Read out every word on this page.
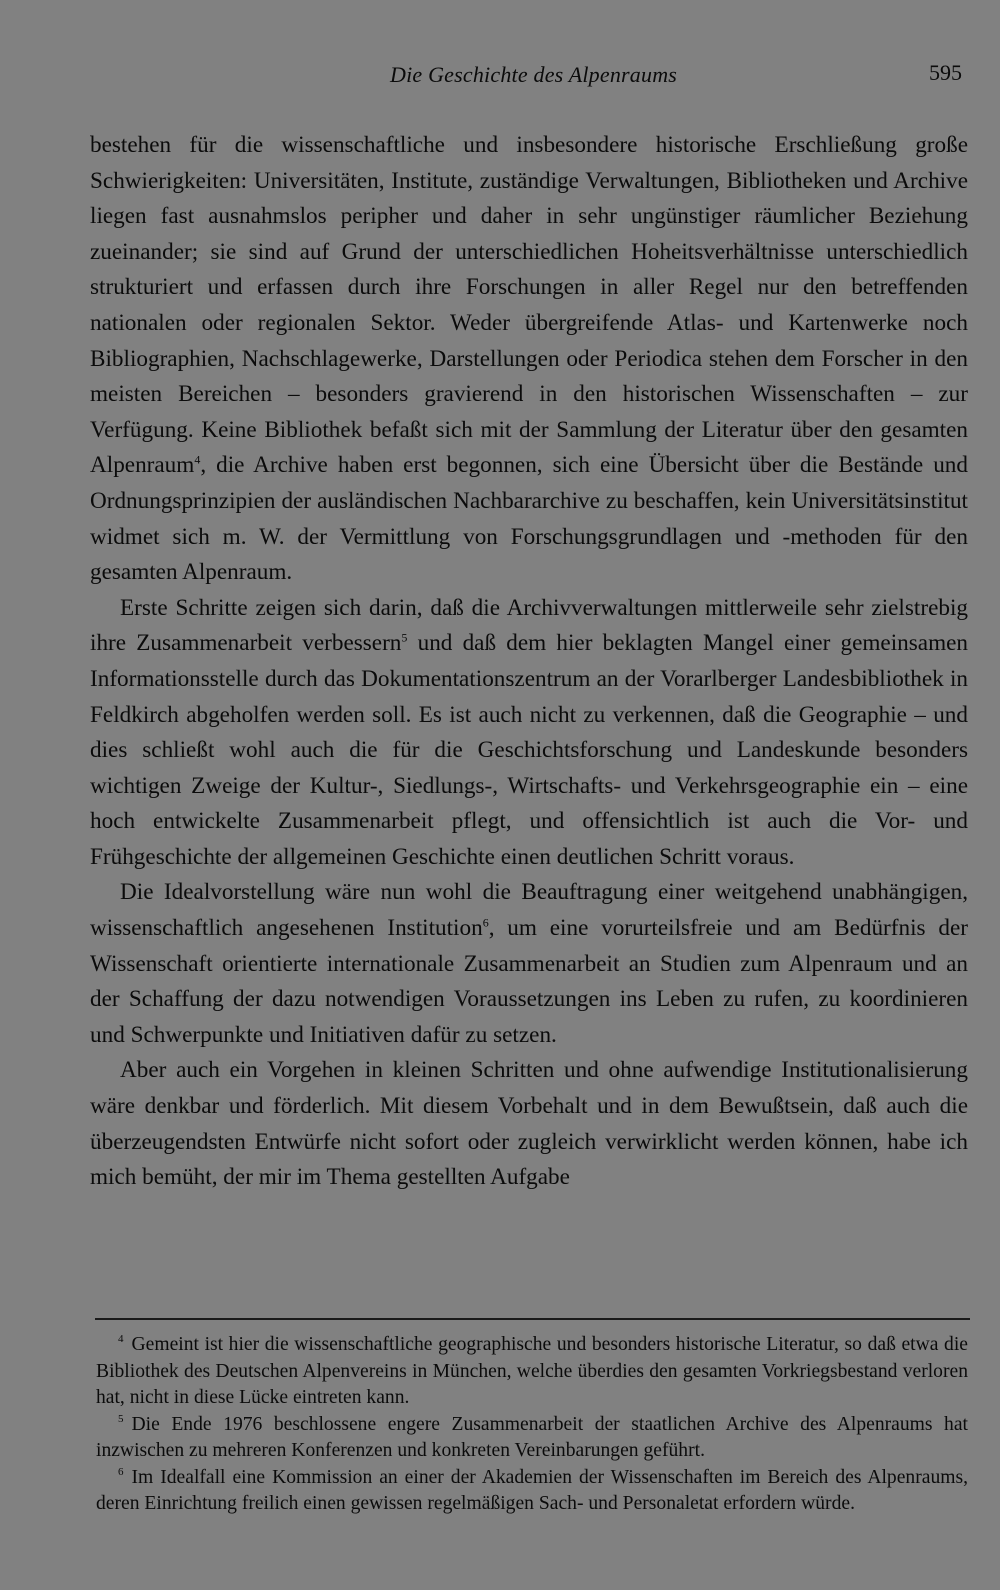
Die Geschichte des Alpenraums	595

bestehen für die wissenschaftliche und insbesondere historische Erschließung große Schwierigkeiten: Universitäten, Institute, zuständige Verwaltungen, Bibliotheken und Archive liegen fast ausnahmslos peripher und daher in sehr ungünstiger räumlicher Beziehung zueinander; sie sind auf Grund der unterschiedlichen Hoheitsverhältnisse unterschiedlich strukturiert und erfassen durch ihre Forschungen in aller Regel nur den betreffenden nationalen oder regionalen Sektor. Weder übergreifende Atlas- und Kartenwerke noch Bibliographien, Nachschlagewerke, Darstellungen oder Periodica stehen dem Forscher in den meisten Bereichen – besonders gravierend in den historischen Wissenschaften – zur Verfügung. Keine Bibliothek befaßt sich mit der Sammlung der Literatur über den gesamten Alpenraum$^4$, die Archive haben erst begonnen, sich eine Übersicht über die Bestände und Ordnungsprinzipien der ausländischen Nachbararchive zu beschaffen, kein Universitätsinstitut widmet sich m. W. der Vermittlung von Forschungsgrundlagen und -methoden für den gesamten Alpenraum.

Erste Schritte zeigen sich darin, daß die Archivverwaltungen mittlerweile sehr zielstrebig ihre Zusammenarbeit verbessern$^5$ und daß dem hier beklagten Mangel einer gemeinsamen Informationsstelle durch das Dokumentationszentrum an der Vorarlberger Landesbibliothek in Feldkirch abgeholfen werden soll. Es ist auch nicht zu verkennen, daß die Geographie – und dies schließt wohl auch die für die Geschichtsforschung und Landeskunde besonders wichtigen Zweige der Kultur-, Siedlungs-, Wirtschafts- und Verkehrsgeographie ein – eine hoch entwickelte Zusammenarbeit pflegt, und offensichtlich ist auch die Vor- und Frühgeschichte der allgemeinen Geschichte einen deutlichen Schritt voraus.

Die Idealvorstellung wäre nun wohl die Beauftragung einer weitgehend unabhängigen, wissenschaftlich angesehenen Institution$^6$, um eine vorurteilsfreie und am Bedürfnis der Wissenschaft orientierte internationale Zusammenarbeit an Studien zum Alpenraum und an der Schaffung der dazu notwendigen Voraussetzungen ins Leben zu rufen, zu koordinieren und Schwerpunkte und Initiativen dafür zu setzen.

Aber auch ein Vorgehen in kleinen Schritten und ohne aufwendige Institutionalisierung wäre denkbar und förderlich. Mit diesem Vorbehalt und in dem Bewußtsein, daß auch die überzeugendsten Entwürfe nicht sofort oder zugleich verwirklicht werden können, habe ich mich bemüht, der mir im Thema gestellten Aufgabe

$^4$ Gemeint ist hier die wissenschaftliche geographische und besonders historische Literatur, so daß etwa die Bibliothek des Deutschen Alpenvereins in München, welche überdies den gesamten Vorkriegsbestand verloren hat, nicht in diese Lücke eintreten kann.

$^5$ Die Ende 1976 beschlossene engere Zusammenarbeit der staatlichen Archive des Alpenraums hat inzwischen zu mehreren Konferenzen und konkreten Vereinbarungen geführt.

$^6$ Im Idealfall eine Kommission an einer der Akademien der Wissenschaften im Bereich des Alpenraums, deren Einrichtung freilich einen gewissen regelmäßigen Sach- und Personaletat erfordern würde.
